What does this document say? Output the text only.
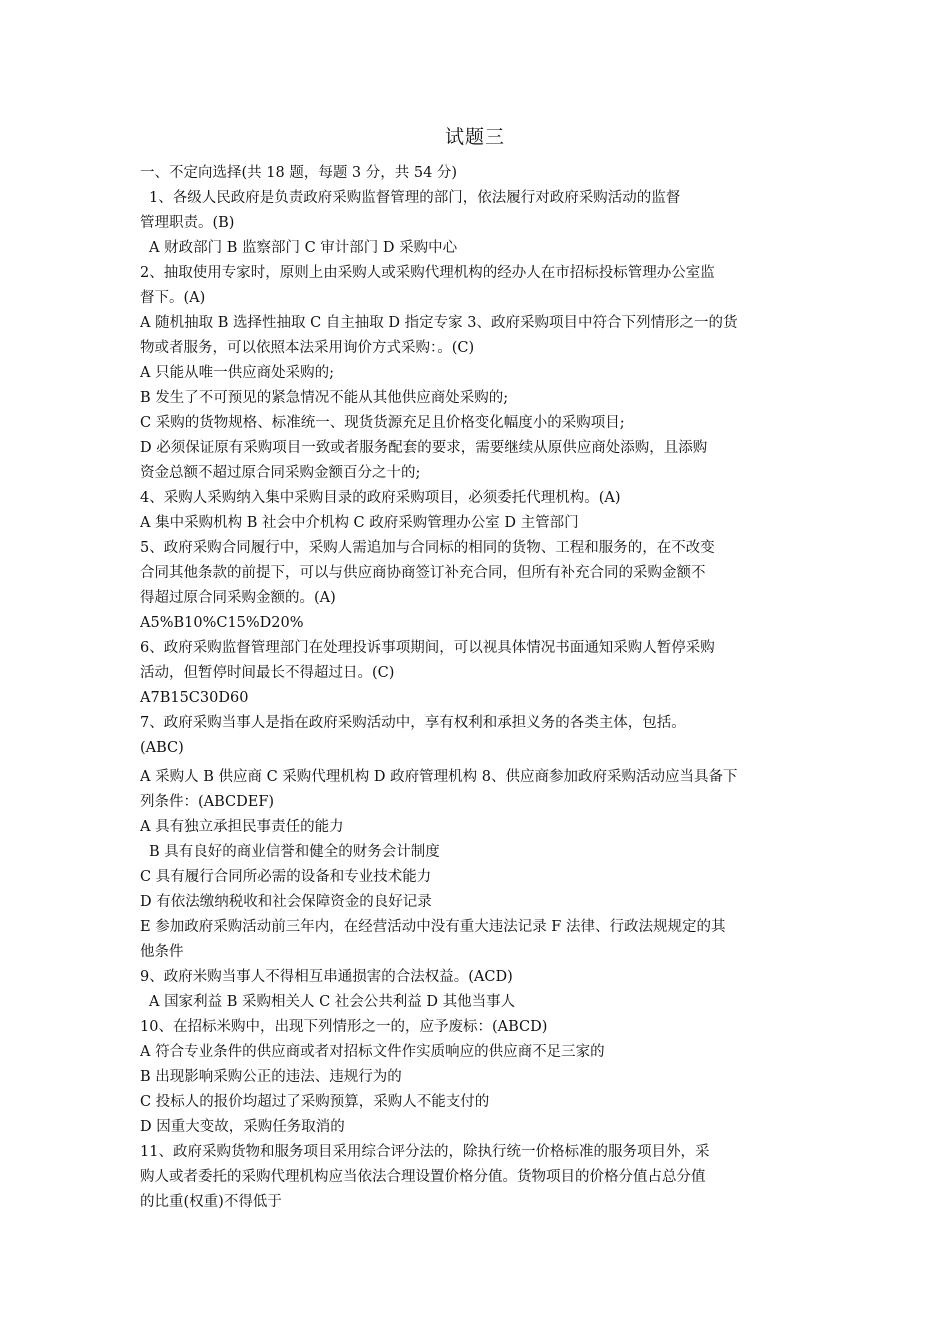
试题三
一、不定向选择(共 18 题，每题 3 分，共 54 分)
1、各级人民政府是负责政府采购监督管理的部门，依法履行对政府采购活动的监督
管理职责。(B)
A 财政部门 B 监察部门 C 审计部门 D 采购中心
2、抽取使用专家时，原则上由采购人或采购代理机构的经办人在市招标投标管理办公室监
督下。(A)
A 随机抽取 B 选择性抽取 C 自主抽取 D 指定专家 3、政府采购项目中符合下列情形之一的货
物或者服务，可以依照本法采用询价方式采购：。(C)
A 只能从唯一供应商处采购的;
B 发生了不可预见的紧急情况不能从其他供应商处采购的;
C 采购的货物规格、标准统一、现货货源充足且价格变化幅度小的采购项目;
D 必须保证原有采购项目一致或者服务配套的要求，需要继续从原供应商处添购，且添购
资金总额不超过原合同采购金额百分之十的;
4、采购人采购纳入集中采购目录的政府采购项目，必须委托代理机构。(A)
A 集中采购机构 B 社会中介机构 C 政府采购管理办公室 D 主管部门
5、政府采购合同履行中，采购人需追加与合同标的相同的货物、工程和服务的，在不改变
合同其他条款的前提下，可以与供应商协商签订补充合同，但所有补充合同的采购金额不
得超过原合同采购金额的。(A)
A5%B10%C15%D20%
6、政府采购监督管理部门在处理投诉事项期间，可以视具体情况书面通知采购人暂停采购
活动，但暂停时间最长不得超过日。(C)
A7B15C30D60
7、政府采购当事人是指在政府采购活动中，享有权利和承担义务的各类主体，包括。
(ABC)
A 采购人 B 供应商 C 采购代理机构 D 政府管理机构 8、供应商参加政府采购活动应当具备下
列条件：(ABCDEF)
A 具有独立承担民事责任的能力
B 具有良好的商业信誉和健全的财务会计制度
C 具有履行合同所必需的设备和专业技术能力
D 有依法缴纳税收和社会保障资金的良好记录
E 参加政府采购活动前三年内，在经营活动中没有重大违法记录 F 法律、行政法规规定的其
他条件
9、政府米购当事人不得相互串通损害的合法权益。(ACD)
A 国家利益 B 采购相关人 C 社会公共利益 D 其他当事人
10、在招标米购中，出现下列情形之一的，应予废标：(ABCD)
A 符合专业条件的供应商或者对招标文件作实质响应的供应商不足三家的
B 出现影响采购公正的违法、违规行为的
C 投标人的报价均超过了采购预算，采购人不能支付的
D 因重大变故，采购任务取消的
11、政府采购货物和服务项目采用综合评分法的，除执行统一价格标准的服务项目外，采
购人或者委托的采购代理机构应当依法合理设置价格分值。货物项目的价格分值占总分值
的比重(权重)不得低于
